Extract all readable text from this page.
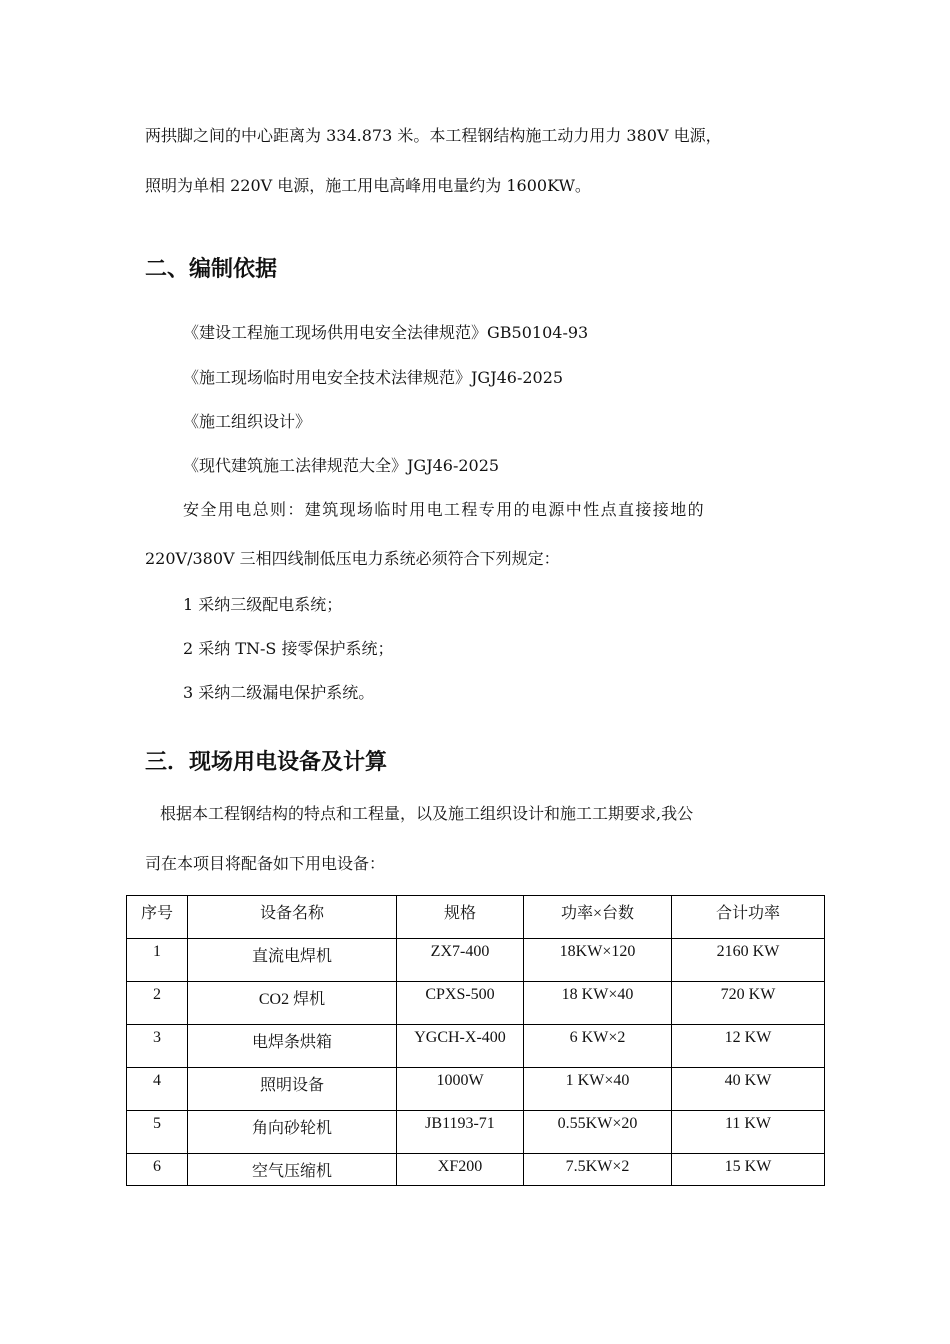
两拱脚之间的中心距离为 334.873 米。本工程钢结构施工动力用力 380V 电源，
照明为单相 220V 电源，施工用电高峰用电量约为 1600KW。
二、编制依据
《建设工程施工现场供用电安全法律规范》GB50104-93
《施工现场临时用电安全技术法律规范》JGJ46-2025
《施工组织设计》
《现代建筑施工法律规范大全》JGJ46-2025
安全用电总则：建筑现场临时用电工程专用的电源中性点直接接地的
220V/380V 三相四线制低压电力系统必须符合下列规定：
1 采纳三级配电系统；
2 采纳 TN-S 接零保护系统；
3 采纳二级漏电保护系统。
三．现场用电设备及计算
根据本工程钢结构的特点和工程量，以及施工组织设计和施工工期要求,我公
司在本项目将配备如下用电设备：
序号	设备名称	规格	功率×台数	合计功率
1	直流电焊机	ZX7-400	18KW×120	2160 KW
2	CO2 焊机	CPXS-500	18 KW×40	720 KW
3	电焊条烘箱	YGCH-X-400	6 KW×2	12 KW
4	照明设备	1000W	1 KW×40	40 KW
5	角向砂轮机	JB1193-71	0.55KW×20	11 KW
6	空气压缩机	XF200	7.5KW×2	15 KW
